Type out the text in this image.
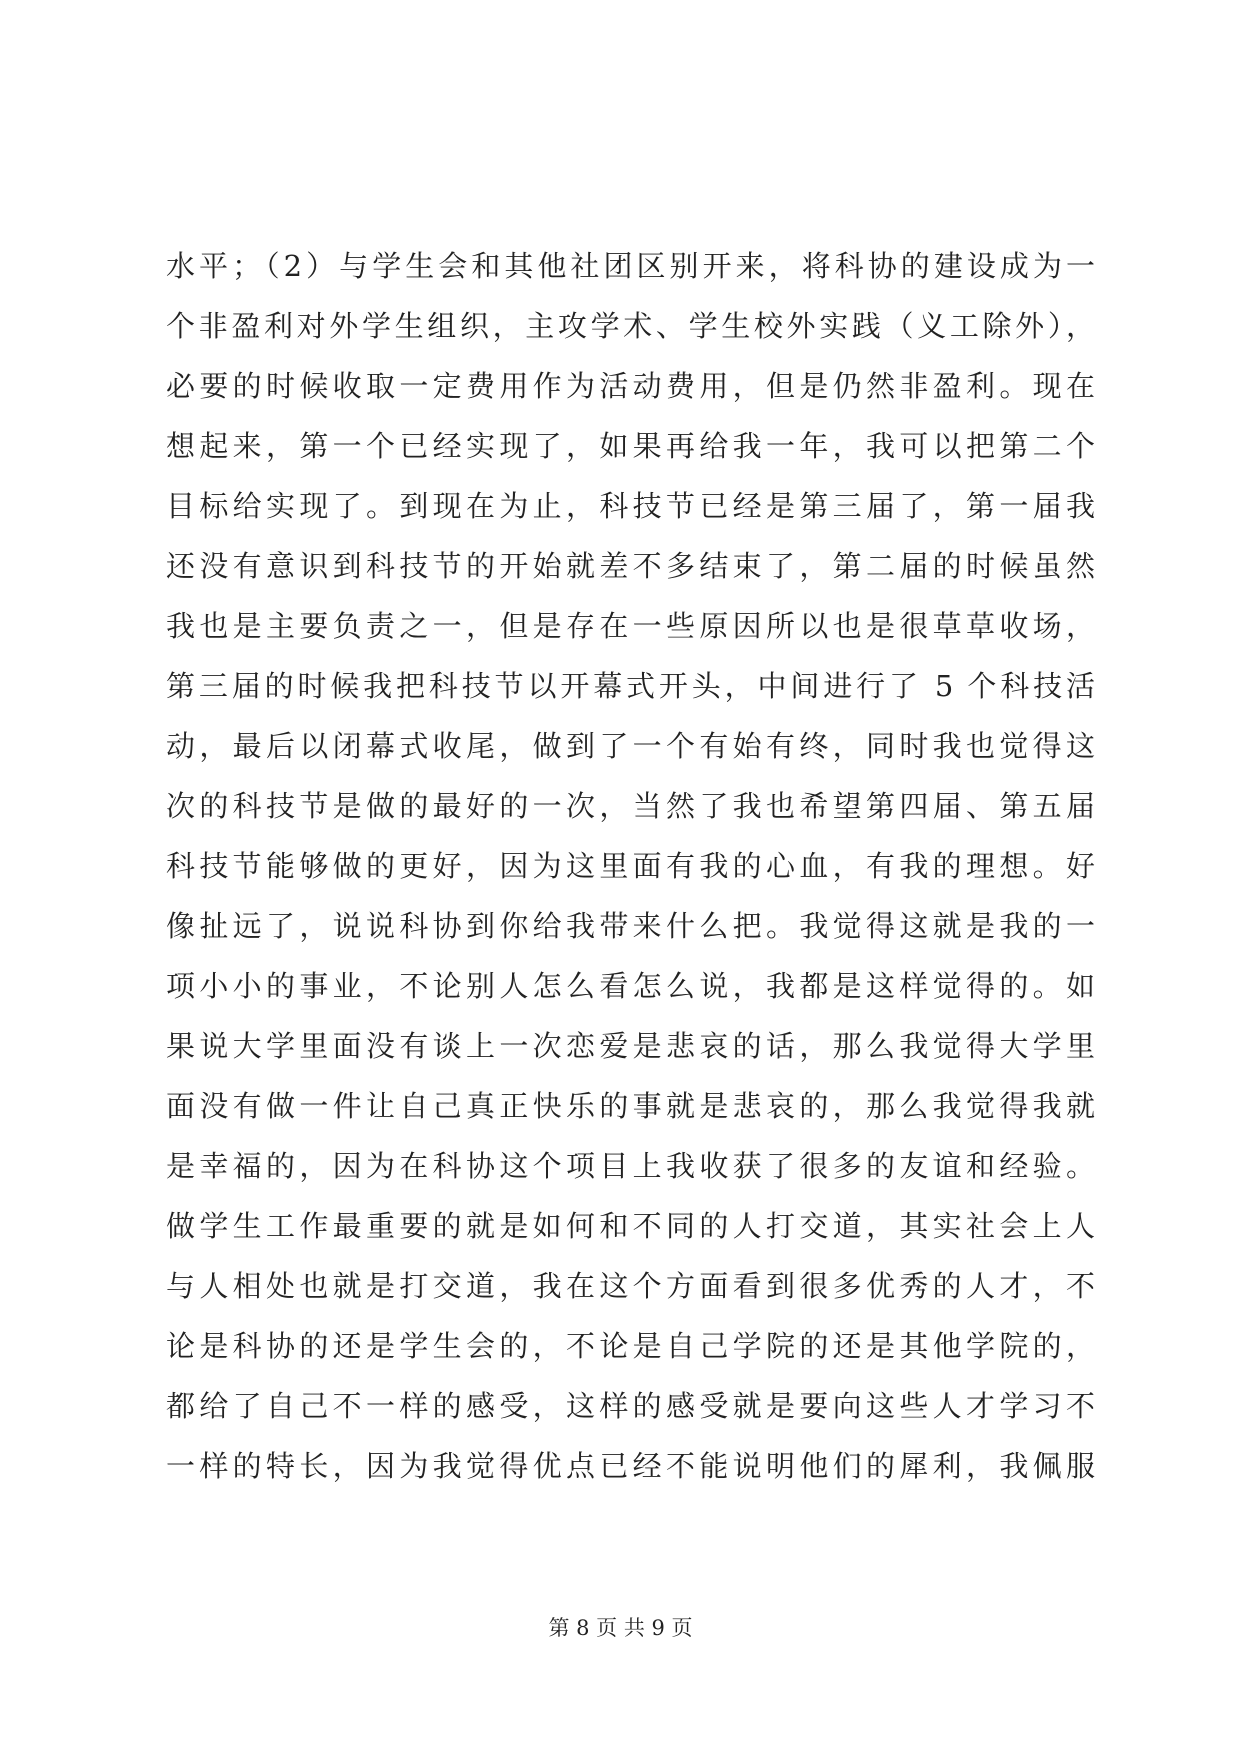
水平；（2）与学生会和其他社团区别开来，将科协的建设成为一
个非盈利对外学生组织，主攻学术、学生校外实践（义工除外），
必要的时候收取一定费用作为活动费用，但是仍然非盈利。现在
想起来，第一个已经实现了，如果再给我一年，我可以把第二个
目标给实现了。到现在为止，科技节已经是第三届了，第一届我
还没有意识到科技节的开始就差不多结束了，第二届的时候虽然
我也是主要负责之一，但是存在一些原因所以也是很草草收场，
第三届的时候我把科技节以开幕式开头，中间进行了 5 个科技活
动，最后以闭幕式收尾，做到了一个有始有终，同时我也觉得这
次的科技节是做的最好的一次，当然了我也希望第四届、第五届
科技节能够做的更好，因为这里面有我的心血，有我的理想。好
像扯远了，说说科协到你给我带来什么把。我觉得这就是我的一
项小小的事业，不论别人怎么看怎么说，我都是这样觉得的。如
果说大学里面没有谈上一次恋爱是悲哀的话，那么我觉得大学里
面没有做一件让自己真正快乐的事就是悲哀的，那么我觉得我就
是幸福的，因为在科协这个项目上我收获了很多的友谊和经验。
做学生工作最重要的就是如何和不同的人打交道，其实社会上人
与人相处也就是打交道，我在这个方面看到很多优秀的人才，不
论是科协的还是学生会的，不论是自己学院的还是其他学院的，
都给了自己不一样的感受，这样的感受就是要向这些人才学习不
一样的特长，因为我觉得优点已经不能说明他们的犀利，我佩服
第 8 页 共 9 页
